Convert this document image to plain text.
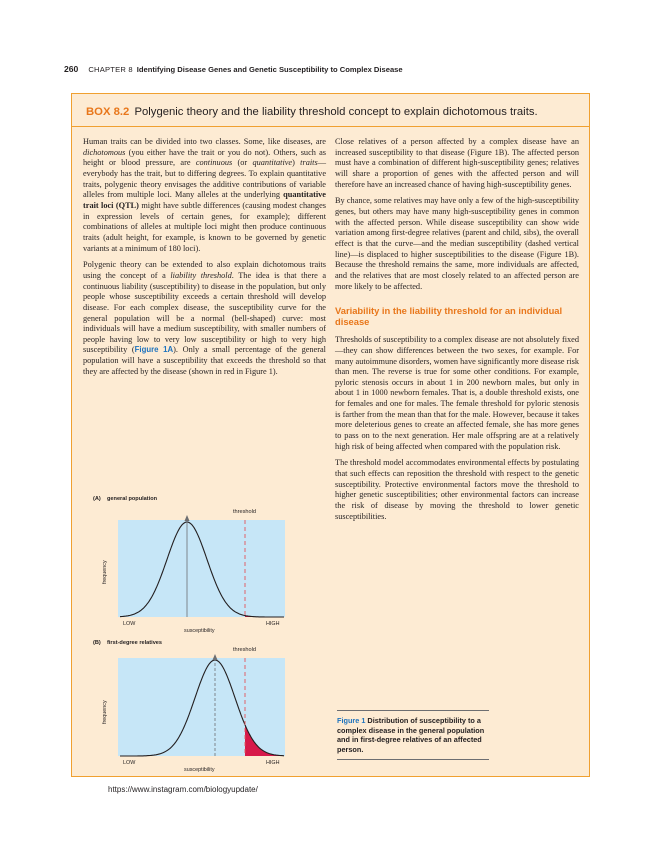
260 CHAPTER 8 Identifying Disease Genes and Genetic Susceptibility to Complex Disease
BOX 8.2 Polygenic theory and the liability threshold concept to explain dichotomous traits.

Human traits can be divided into two classes. Some, like diseases, are dichotomous (you either have the trait or you do not). Others, such as height or blood pressure, are continuous (or quantitative) traits—everybody has the trait, but to differing degrees. To explain quantitative traits, polygenic theory envisages the additive contributions of variable alleles from multiple loci. Many alleles at the underlying quantitative trait loci (QTL) might have subtle differences (causing modest changes in expression levels of certain genes, for example); different combinations of alleles at multiple loci might then produce continuous traits (adult height, for example, is known to be governed by genetic variants at a minimum of 180 loci).

Polygenic theory can be extended to also explain dichotomous traits using the concept of a liability threshold. The idea is that there a continuous liability (susceptibility) to disease in the population, but only people whose susceptibility exceeds a certain threshold will develop disease. For each complex disease, the susceptibility curve for the general population will be a normal (bell-shaped) curve: most individuals will have a medium susceptibility, with smaller numbers of people having low to very low susceptibility or high to very high susceptibility (Figure 1A). Only a small percentage of the general population will have a susceptibility that exceeds the threshold so that they are affected by the disease (shown in red in Figure 1).

(A) general population
threshold
frequency
LOW	HIGH
susceptibility
(B) first-degree relatives
threshold
frequency
LOW	HIGH
susceptibility

Close relatives of a person affected by a complex disease have an increased susceptibility to that disease (Figure 1B). The affected person must have a combination of different high-susceptibility genes; relatives will share a proportion of genes with the affected person and will therefore have an increased chance of having high-susceptibility genes.

By chance, some relatives may have only a few of the high-susceptibility genes, but others may have many high-susceptibility genes in common with the affected person. While disease susceptibility can show wide variation among first-degree relatives (parent and child, sibs), the overall effect is that the curve—and the median susceptibility (dashed vertical line)—is displaced to higher susceptibilities to the disease (Figure 1B). Because the threshold remains the same, more individuals are affected, and the relatives that are most closely related to an affected person are more likely to be affected.

Variability in the liability threshold for an individual disease

Thresholds of susceptibility to a complex disease are not absolutely fixed—they can show differences between the two sexes, for example. For many autoimmune disorders, women have significantly more disease risk than men. The reverse is true for some other conditions. For example, pyloric stenosis occurs in about 1 in 200 newborn males, but only in about 1 in 1000 newborn females. That is, a double threshold exists, one for females and one for males. The female threshold for pyloric stenosis is farther from the mean than that for the male. However, because it takes more deleterious genes to create an affected female, she has more genes to pass on to the next generation. Her male offspring are at a relatively high risk of being affected when compared with the population risk.

The threshold model accommodates environmental effects by postulating that such effects can reposition the threshold with respect to the genetic susceptibility. Protective environmental factors move the threshold to higher genetic susceptibilities; other environmental factors can increase the risk of disease by moving the threshold to lower genetic susceptibilities.

Figure 1 Distribution of susceptibility to a complex disease in the general population and in first-degree relatives of an affected person.
https://www.instagram.com/biologyupdate/
